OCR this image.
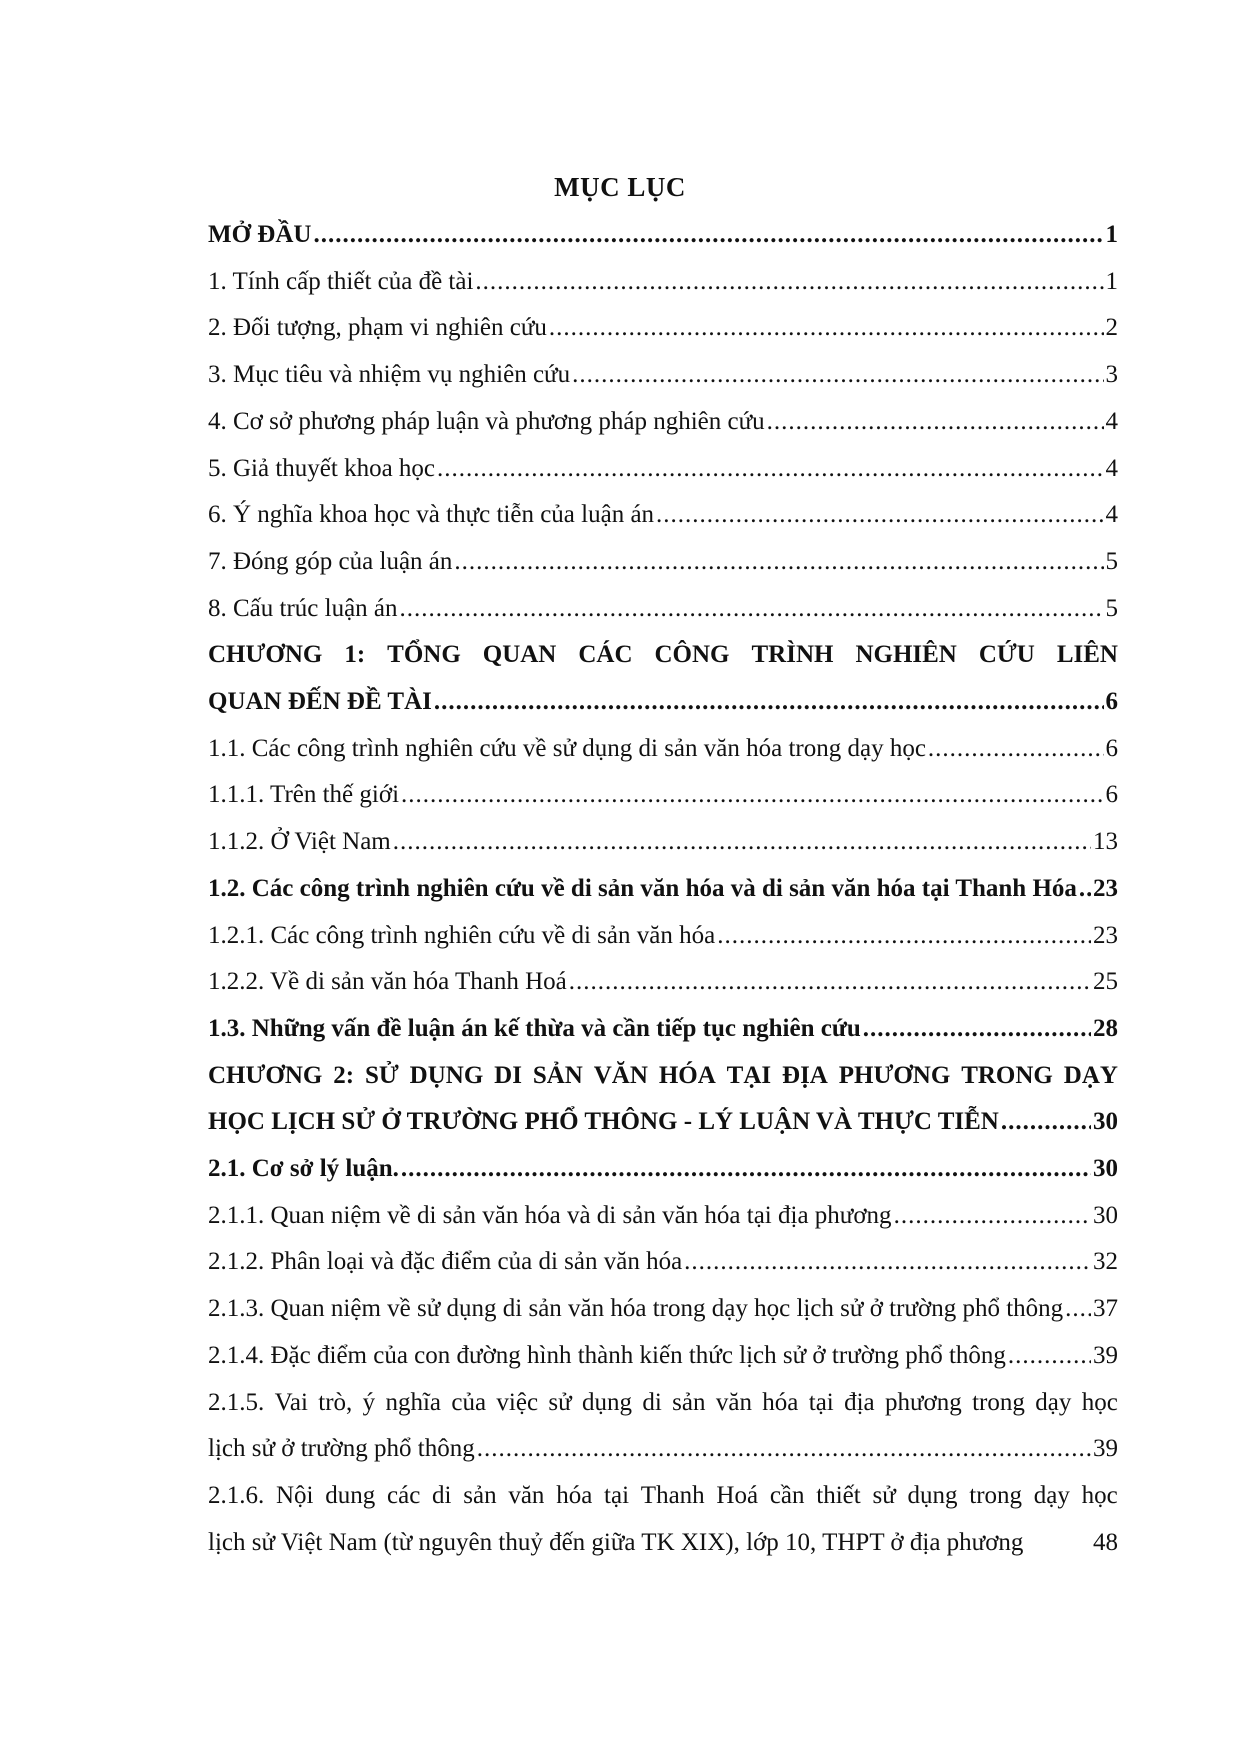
MỤC LỤC
MỞ ĐẦU .....	1
1. Tính cấp thiết của đề tài .....	1
2. Đối tượng, phạm vi nghiên cứu .....	2
3. Mục tiêu và nhiệm vụ nghiên cứu .....	3
4. Cơ sở phương pháp luận và phương pháp nghiên cứu .....	4
5. Giả thuyết khoa học .....	4
6. Ý nghĩa khoa học và thực tiễn của luận án .....	4
7. Đóng góp của luận án .....	5
8. Cấu trúc luận án .....	5
CHƯƠNG 1: TỔNG QUAN CÁC CÔNG TRÌNH NGHIÊN CỨU LIÊN
QUAN ĐẾN ĐỀ TÀI .....	6
1.1. Các công trình nghiên cứu về sử dụng di sản văn hóa trong dạy học .....	6
1.1.1. Trên thế giới .....	6
1.1.2. Ở Việt Nam .....	13
1.2. Các công trình nghiên cứu về di sản văn hóa và di sản văn hóa tại Thanh Hóa ..... 23
1.2.1. Các công trình nghiên cứu về di sản văn hóa .....	23
1.2.2. Về di sản văn hóa Thanh Hoá .....	25
1.3. Những vấn đề luận án kế thừa và cần tiếp tục nghiên cứu .....	28
CHƯƠNG 2: SỬ DỤNG DI SẢN VĂN HÓA TẠI ĐỊA PHƯƠNG TRONG DẠY
HỌC LỊCH SỬ Ở TRƯỜNG PHỔ THÔNG - LÝ LUẬN VÀ THỰC TIỄN .....	30
2.1. Cơ sở lý luận. .....	30
2.1.1. Quan niệm về di sản văn hóa và di sản văn hóa tại địa phương .....	30
2.1.2. Phân loại và đặc điểm của di sản văn hóa .....	32
2.1.3. Quan niệm về sử dụng di sản văn hóa trong dạy học lịch sử ở trường phổ thông ..... 37
2.1.4. Đặc điểm của con đường hình thành kiến thức lịch sử ở trường phổ thông .....	39
2.1.5. Vai trò, ý nghĩa của việc sử dụng di sản văn hóa tại địa phương trong dạy học
lịch sử ở trường phổ thông .....	39
2.1.6. Nội dung các di sản văn hóa tại Thanh Hoá cần thiết sử dụng trong dạy học
lịch sử Việt Nam (từ nguyên thuỷ đến giữa TK XIX), lớp 10, THPT ở địa phương	48
